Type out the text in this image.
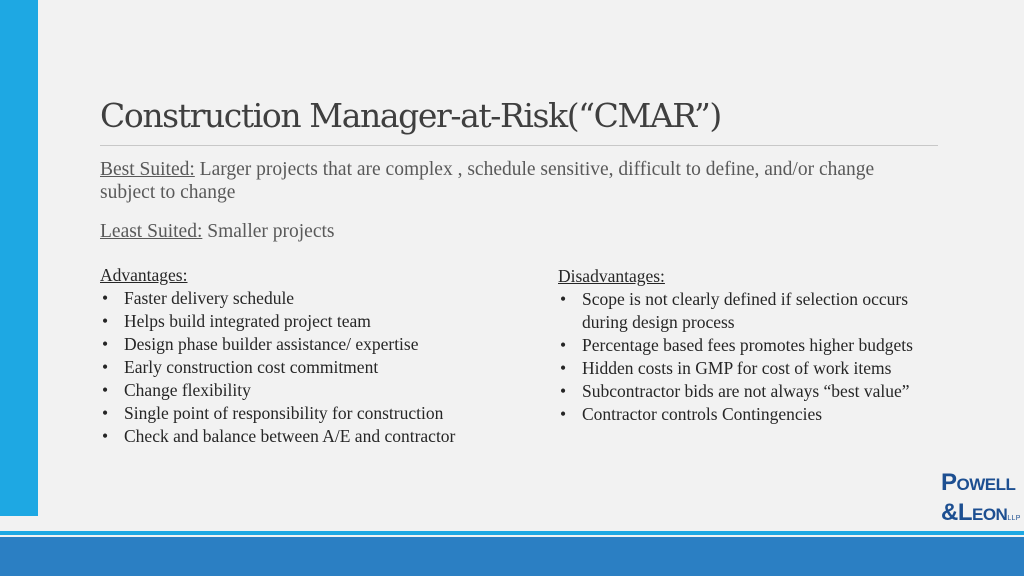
Construction Manager-at-Risk(“CMAR”)
Best Suited: Larger projects that are complex , schedule sensitive, difficult to define, and/or change subject to change
Least Suited: Smaller projects
Advantages:
• Faster delivery schedule
• Helps build integrated project team
• Design phase builder assistance/ expertise
• Early construction cost commitment
• Change flexibility
• Single point of responsibility for construction
• Check and balance between A/E and contractor
Disadvantages:
• Scope is not clearly defined if selection occurs during design process
• Percentage based fees promotes higher budgets
• Hidden costs in GMP for cost of work items
• Subcontractor bids are not always “best value”
• Contractor controls Contingencies
POWELL
&LEONLLP
